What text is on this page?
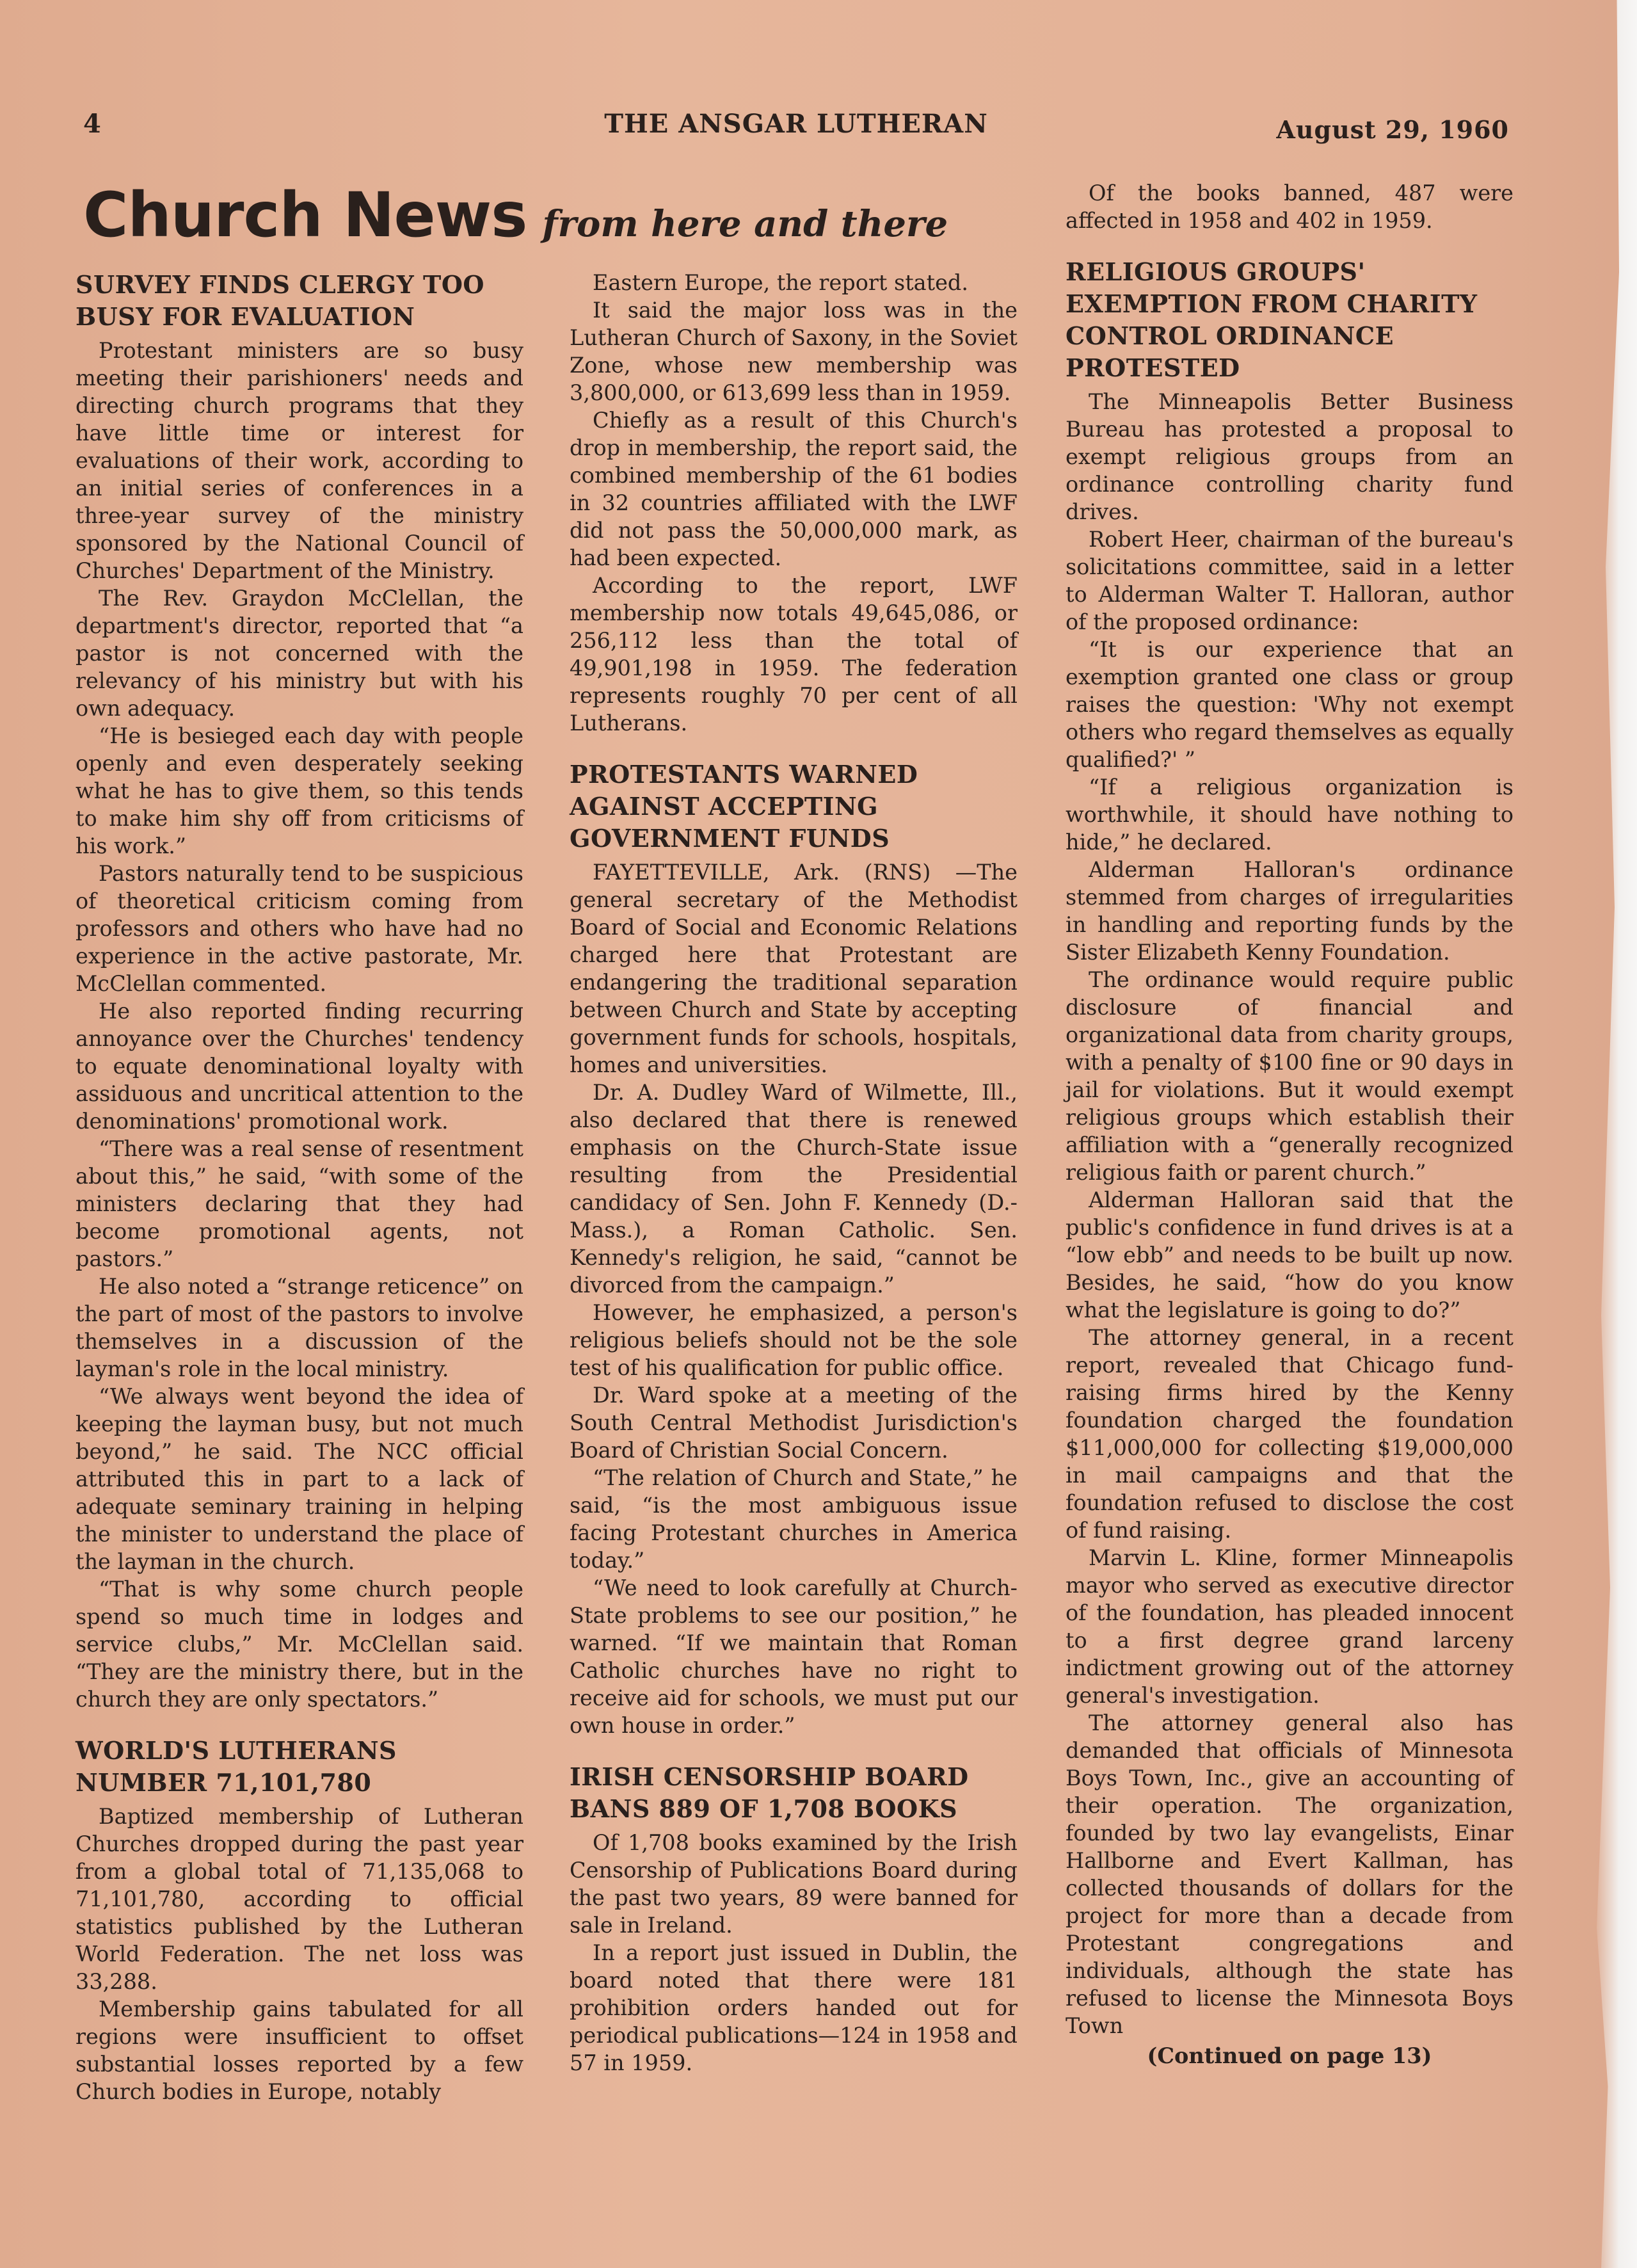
4	THE ANSGAR LUTHERAN	August 29, 1960
Church News from here and there
SURVEY FINDS CLERGY TOO BUSY FOR EVALUATION

Protestant ministers are so busy meeting their parishioners' needs and directing church programs that they have little time or interest for evaluations of their work, according to an initial series of conferences in a three-year survey of the ministry sponsored by the National Council of Churches' Department of the Ministry.

The Rev. Graydon McClellan, the department's director, reported that “a pastor is not concerned with the relevancy of his ministry but with his own adequacy.

“He is besieged each day with people openly and even desperately seeking what he has to give them, so this tends to make him shy off from criticisms of his work.”

Pastors naturally tend to be suspicious of theoretical criticism coming from professors and others who have had no experience in the active pastorate, Mr. McClellan commented.

He also reported finding recurring annoyance over the Churches' tendency to equate denominational loyalty with assiduous and uncritical attention to the denominations' promotional work.

“There was a real sense of resentment about this,” he said, “with some of the ministers declaring that they had become promotional agents, not pastors.”

He also noted a “strange reticence” on the part of most of the pastors to involve themselves in a discussion of the layman's role in the local ministry.

“We always went beyond the idea of keeping the layman busy, but not much beyond,” he said. The NCC official attributed this in part to a lack of adequate seminary training in helping the minister to understand the place of the layman in the church.

“That is why some church people spend so much time in lodges and service clubs,” Mr. McClellan said. “They are the ministry there, but in the church they are only spectators.”

WORLD'S LUTHERANS NUMBER 71,101,780

Baptized membership of Lutheran Churches dropped during the past year from a global total of 71,135,068 to 71,101,780, according to official statistics published by the Lutheran World Federation. The net loss was 33,288.

Membership gains tabulated for all regions were insufficient to offset substantial losses reported by a few Church bodies in Europe, notably

Eastern Europe, the report stated.

It said the major loss was in the Lutheran Church of Saxony, in the Soviet Zone, whose new membership was 3,800,000, or 613,699 less than in 1959.

Chiefly as a result of this Church's drop in membership, the report said, the combined membership of the 61 bodies in 32 countries affiliated with the LWF did not pass the 50,000,000 mark, as had been expected.

According to the report, LWF membership now totals 49,645,086, or 256,112 less than the total of 49,901,198 in 1959. The federation represents roughly 70 per cent of all Lutherans.

PROTESTANTS WARNED AGAINST ACCEPTING GOVERNMENT FUNDS

FAYETTEVILLE, Ark. (RNS) —The general secretary of the Methodist Board of Social and Economic Relations charged here that Protestant are endangering the traditional separation between Church and State by accepting government funds for schools, hospitals, homes and universities.

Dr. A. Dudley Ward of Wilmette, Ill., also declared that there is renewed emphasis on the Church-State issue resulting from the Presidential candidacy of Sen. John F. Kennedy (D.-Mass.), a Roman Catholic. Sen. Kennedy's religion, he said, “cannot be divorced from the campaign.”

However, he emphasized, a person's religious beliefs should not be the sole test of his qualification for public office.

Dr. Ward spoke at a meeting of the South Central Methodist Jurisdiction's Board of Christian Social Concern.

“The relation of Church and State,” he said, “is the most ambiguous issue facing Protestant churches in America today.”

“We need to look carefully at Church-State problems to see our position,” he warned. “If we maintain that Roman Catholic churches have no right to receive aid for schools, we must put our own house in order.”

IRISH CENSORSHIP BOARD BANS 889 OF 1,708 BOOKS

Of 1,708 books examined by the Irish Censorship of Publications Board during the past two years, 89 were banned for sale in Ireland.

In a report just issued in Dublin, the board noted that there were 181 prohibition orders handed out for periodical publications—124 in 1958 and 57 in 1959.

Of the books banned, 487 were affected in 1958 and 402 in 1959.

RELIGIOUS GROUPS' EXEMPTION FROM CHARITY CONTROL ORDINANCE PROTESTED

The Minneapolis Better Business Bureau has protested a proposal to exempt religious groups from an ordinance controlling charity fund drives.

Robert Heer, chairman of the bureau's solicitations committee, said in a letter to Alderman Walter T. Halloran, author of the proposed ordinance:

“It is our experience that an exemption granted one class or group raises the question: 'Why not exempt others who regard themselves as equally qualified?' ”

“If a religious organization is worthwhile, it should have nothing to hide,” he declared.

Alderman Halloran's ordinance stemmed from charges of irregularities in handling and reporting funds by the Sister Elizabeth Kenny Foundation.

The ordinance would require public disclosure of financial and organizational data from charity groups, with a penalty of $100 fine or 90 days in jail for violations. But it would exempt religious groups which establish their affiliation with a “generally recognized religious faith or parent church.”

Alderman Halloran said that the public's confidence in fund drives is at a “low ebb” and needs to be built up now. Besides, he said, “how do you know what the legislature is going to do?”

The attorney general, in a recent report, revealed that Chicago fund-raising firms hired by the Kenny foundation charged the foundation $11,000,000 for collecting $19,000,000 in mail campaigns and that the foundation refused to disclose the cost of fund raising.

Marvin L. Kline, former Minneapolis mayor who served as executive director of the foundation, has pleaded innocent to a first degree grand larceny indictment growing out of the attorney general's investigation.

The attorney general also has demanded that officials of Minnesota Boys Town, Inc., give an accounting of their operation. The organization, founded by two lay evangelists, Einar Hallborne and Evert Kallman, has collected thousands of dollars for the project for more than a decade from Protestant congregations and individuals, although the state has refused to license the Minnesota Boys Town

(Continued on page 13)
